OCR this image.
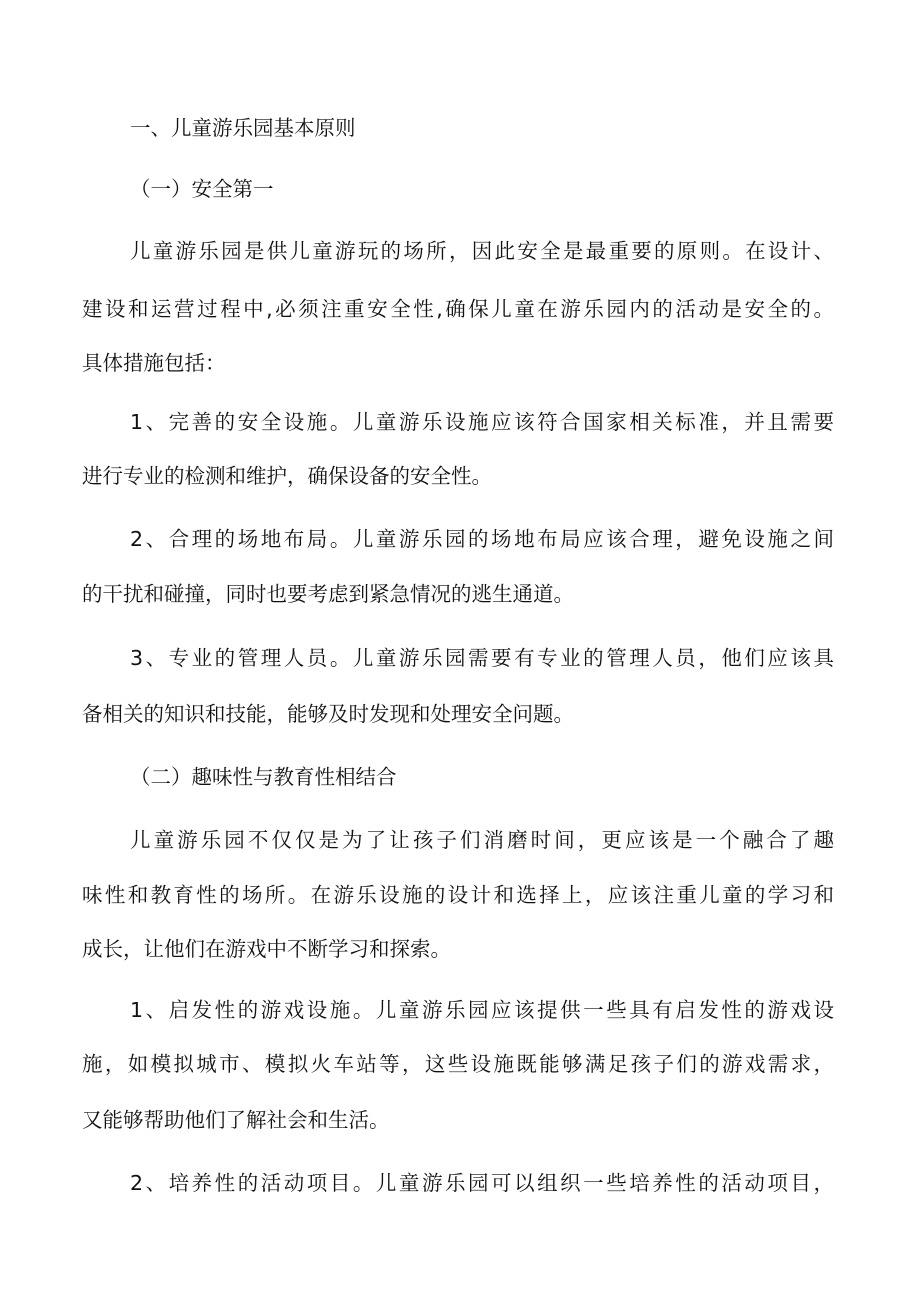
一、儿童游乐园基本原则
（一）安全第一
儿童游乐园是供儿童游玩的场所，因此安全是最重要的原则。在设计、
建设和运营过程中,必须注重安全性,确保儿童在游乐园内的活动是安全的。
具体措施包括：
1、完善的安全设施。儿童游乐设施应该符合国家相关标准，并且需要
进行专业的检测和维护，确保设备的安全性。
2、合理的场地布局。儿童游乐园的场地布局应该合理，避免设施之间
的干扰和碰撞，同时也要考虑到紧急情况的逃生通道。
3、专业的管理人员。儿童游乐园需要有专业的管理人员，他们应该具
备相关的知识和技能，能够及时发现和处理安全问题。
（二）趣味性与教育性相结合
儿童游乐园不仅仅是为了让孩子们消磨时间，更应该是一个融合了趣
味性和教育性的场所。在游乐设施的设计和选择上，应该注重儿童的学习和
成长，让他们在游戏中不断学习和探索。
1、启发性的游戏设施。儿童游乐园应该提供一些具有启发性的游戏设
施，如模拟城市、模拟火车站等，这些设施既能够满足孩子们的游戏需求，
又能够帮助他们了解社会和生活。
2、培养性的活动项目。儿童游乐园可以组织一些培养性的活动项目，
